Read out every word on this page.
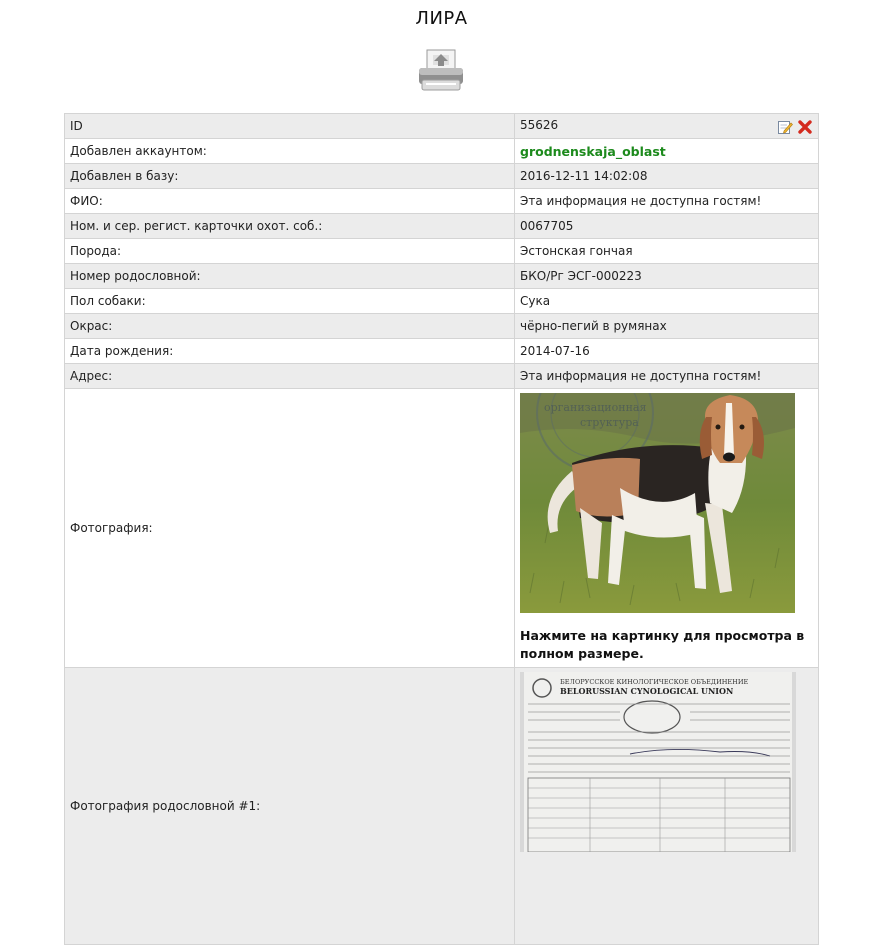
ЛИРА
ID	55626

Добавлен аккаунтом:	grodnenskaja_oblast
Добавлен в базу:	2016-12-11 14:02:08
ФИО:	Эта информация не доступна гостям!
Ном. и сер. регист. карточки охот. соб.:	0067705
Порода:	Эстонская гончая
Номер родословной:	БКО/Рг ЭСГ-000223
Пол собаки:	Сука
Окрас:	чёрно-пегий в румянах
Дата рождения:	2014-07-16
Адрес:	Эта информация не доступна гостям!
Фотография:	организационная
структура
Нажмите на картинку для просмотра в полном размере.

Фотография родословной #1:	БЕЛОРУССКОЕ КИНОЛОГИЧЕСКОЕ ОБЪЕДИНЕНИЕ
BELORUSSIAN CYNOLOGICAL UNION
